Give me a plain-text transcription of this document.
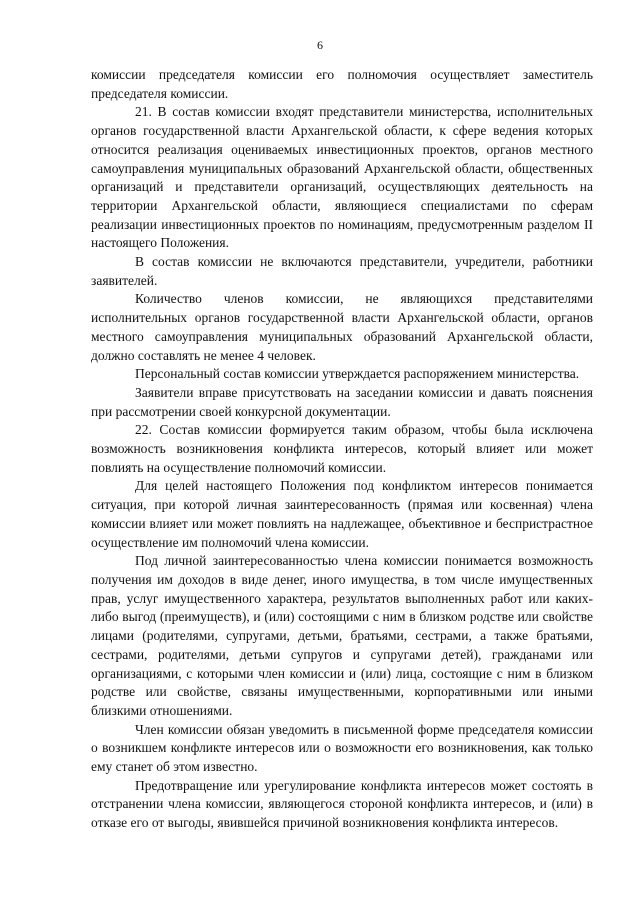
6

комиссии председателя комиссии его полномочия осуществляет заместитель председателя комиссии.

21. В состав комиссии входят представители министерства, исполнительных органов государственной власти Архангельской области, к сфере ведения которых относится реализация оцениваемых инвестиционных проектов, органов местного самоуправления муниципальных образований Архангельской области, общественных организаций и представители организаций, осуществляющих деятельность на территории Архангельской области, являющиеся специалистами по сферам реализации инвестиционных проектов по номинациям, предусмотренным разделом II настоящего Положения.

В состав комиссии не включаются представители, учредители, работники заявителей.

Количество членов комиссии, не являющихся представителями исполнительных органов государственной власти Архангельской области, органов местного самоуправления муниципальных образований Архангельской области, должно составлять не менее 4 человек.

Персональный состав комиссии утверждается распоряжением министерства.

Заявители вправе присутствовать на заседании комиссии и давать пояснения при рассмотрении своей конкурсной документации.

22. Состав комиссии формируется таким образом, чтобы была исключена возможность возникновения конфликта интересов, который влияет или может повлиять на осуществление полномочий комиссии.

Для целей настоящего Положения под конфликтом интересов понимается ситуация, при которой личная заинтересованность (прямая или косвенная) члена комиссии влияет или может повлиять на надлежащее, объективное и беспристрастное осуществление им полномочий члена комиссии.

Под личной заинтересованностью члена комиссии понимается возможность получения им доходов в виде денег, иного имущества, в том числе имущественных прав, услуг имущественного характера, результатов выполненных работ или каких-либо выгод (преимуществ), и (или) состоящими с ним в близком родстве или свойстве лицами (родителями, супругами, детьми, братьями, сестрами, а также братьями, сестрами, родителями, детьми супругов и супругами детей), гражданами или организациями, с которыми член комиссии и (или) лица, состоящие с ним в близком родстве или свойстве, связаны имущественными, корпоративными или иными близкими отношениями.

Член комиссии обязан уведомить в письменной форме председателя комиссии о возникшем конфликте интересов или о возможности его возникновения, как только ему станет об этом известно.

Предотвращение или урегулирование конфликта интересов может состоять в отстранении члена комиссии, являющегося стороной конфликта интересов, и (или) в отказе его от выгоды, явившейся причиной возникновения конфликта интересов.
